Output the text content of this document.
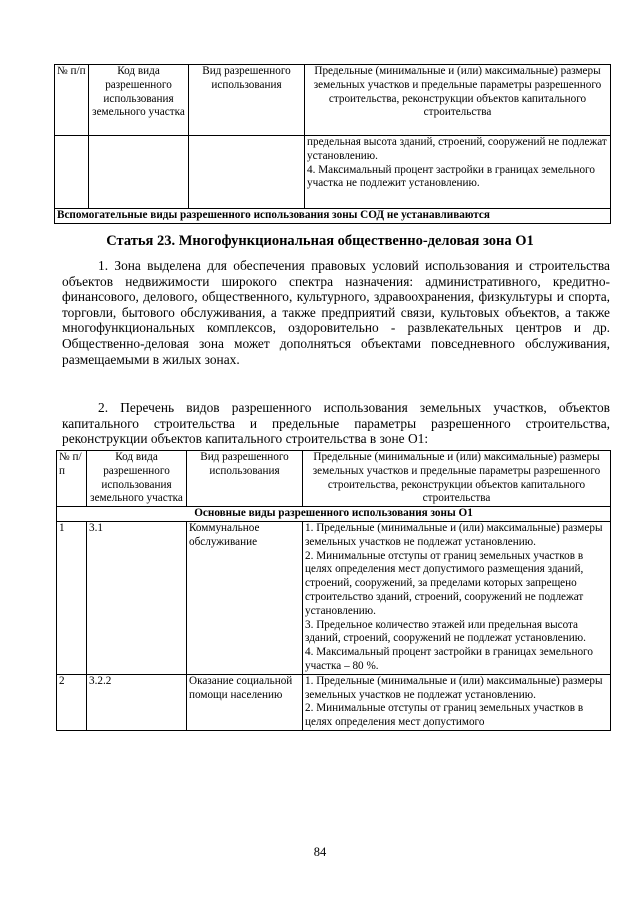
№ п/п	Код вида разрешенного использования земельного участка	Вид разрешенного использования	Предельные (минимальные и (или) максимальные) размеры земельных участков и предельные параметры разрешенного строительства, реконструкции объектов капитального строительства
			предельная высота зданий, строений, сооружений не подлежат установлению.
4. Максимальный процент застройки в границах земельного участка не подлежит установлению.
Вспомогательные виды разрешенного использования зоны СОД не устанавливаются			
Статья 23. Многофункциональная общественно-деловая зона О1
1. Зона выделена для обеспечения правовых условий использования и строительства объектов недвижимости широкого спектра назначения: административного, кредитно-финансового, делового, общественного, культурного, здравоохранения, физкультуры и спорта, торговли, бытового обслуживания, а также предприятий связи, культовых объектов, а также многофункциональных комплексов, оздоровительно - развлекательных центров и др. Общественно-деловая зона может дополняться объектами повседневного обслуживания, размещаемыми в жилых зонах.
2. Перечень видов разрешенного использования земельных участков, объектов капитального строительства и предельные параметры разрешенного строительства, реконструкции объектов капитального строительства в зоне О1:
№ п/п	Код вида разрешенного использования земельного участка	Вид разрешенного использования	Предельные (минимальные и (или) максимальные) размеры земельных участков и предельные параметры разрешенного строительства, реконструкции объектов капитального строительства
Основные виды разрешенного использования зоны О1			
1	3.1	Коммунальное обслуживание	1. Предельные (минимальные и (или) максимальные) размеры земельных участков не подлежат установлению.
2. Минимальные отступы от границ земельных участков в целях определения мест допустимого размещения зданий, строений, сооружений, за пределами которых запрещено строительство зданий, строений, сооружений не подлежат установлению.
3. Предельное количество этажей или предельная высота зданий, строений, сооружений не подлежат установлению.
4. Максимальный процент застройки в границах земельного участка – 80 %.

2	3.2.2	Оказание социальной помощи населению	1. Предельные (минимальные и (или) максимальные) размеры земельных участков не подлежат установлению.
2. Минимальные отступы от границ земельных участков в целях определения мест допустимого
84
